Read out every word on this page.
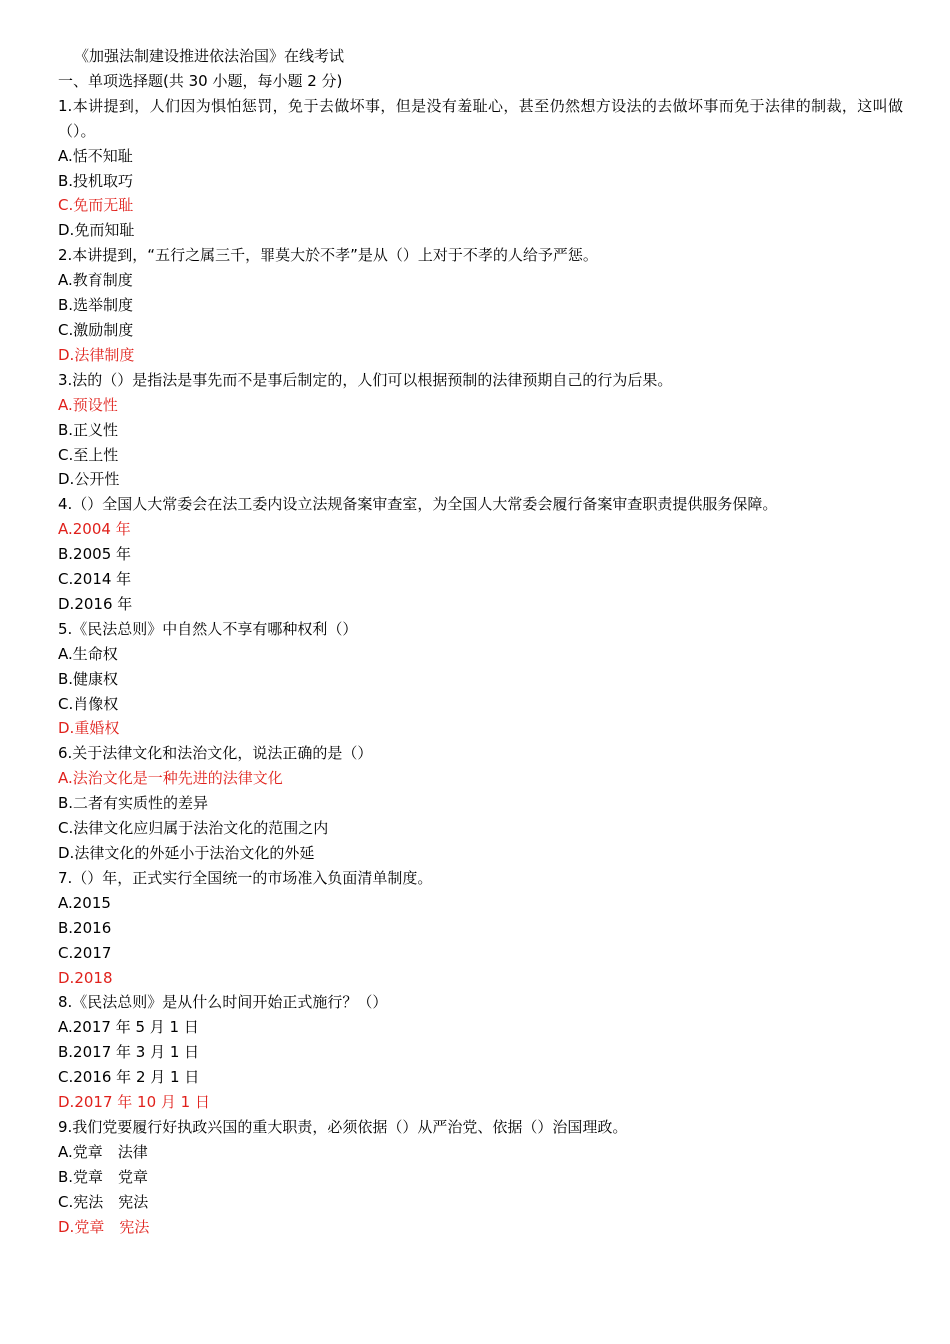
《加强法制建设推进依法治国》在线考试
一、单项选择题(共 30 小题，每小题 2 分)
1.本讲提到，人们因为惧怕惩罚，免于去做坏事，但是没有羞耻心，甚至仍然想方设法的去做坏事而免于法律的制裁，这叫做（）。
A.恬不知耻
B.投机取巧
C.免而无耻
D.免而知耻
2.本讲提到，“五行之属三千，罪莫大於不孝”是从（）上对于不孝的人给予严惩。
A.教育制度
B.选举制度
C.激励制度
D.法律制度
3.法的（）是指法是事先而不是事后制定的，人们可以根据预制的法律预期自己的行为后果。
A.预设性
B.正义性
C.至上性
D.公开性
4.（）全国人大常委会在法工委内设立法规备案审查室，为全国人大常委会履行备案审查职责提供服务保障。
A.2004 年
B.2005 年
C.2014 年
D.2016 年
5.《民法总则》中自然人不享有哪种权利（）
A.生命权
B.健康权
C.肖像权
D.重婚权
6.关于法律文化和法治文化，说法正确的是（）
A.法治文化是一种先进的法律文化
B.二者有实质性的差异
C.法律文化应归属于法治文化的范围之内
D.法律文化的外延小于法治文化的外延
7.（）年，正式实行全国统一的市场准入负面清单制度。
A.2015
B.2016
C.2017
D.2018
8.《民法总则》是从什么时间开始正式施行？（）
A.2017 年 5 月 1 日
B.2017 年 3 月 1 日
C.2016 年 2 月 1 日
D.2017 年 10 月 1 日
9.我们党要履行好执政兴国的重大职责，必须依据（）从严治党、依据（）治国理政。
A.党章　法律
B.党章　党章
C.宪法　宪法
D.党章　宪法
